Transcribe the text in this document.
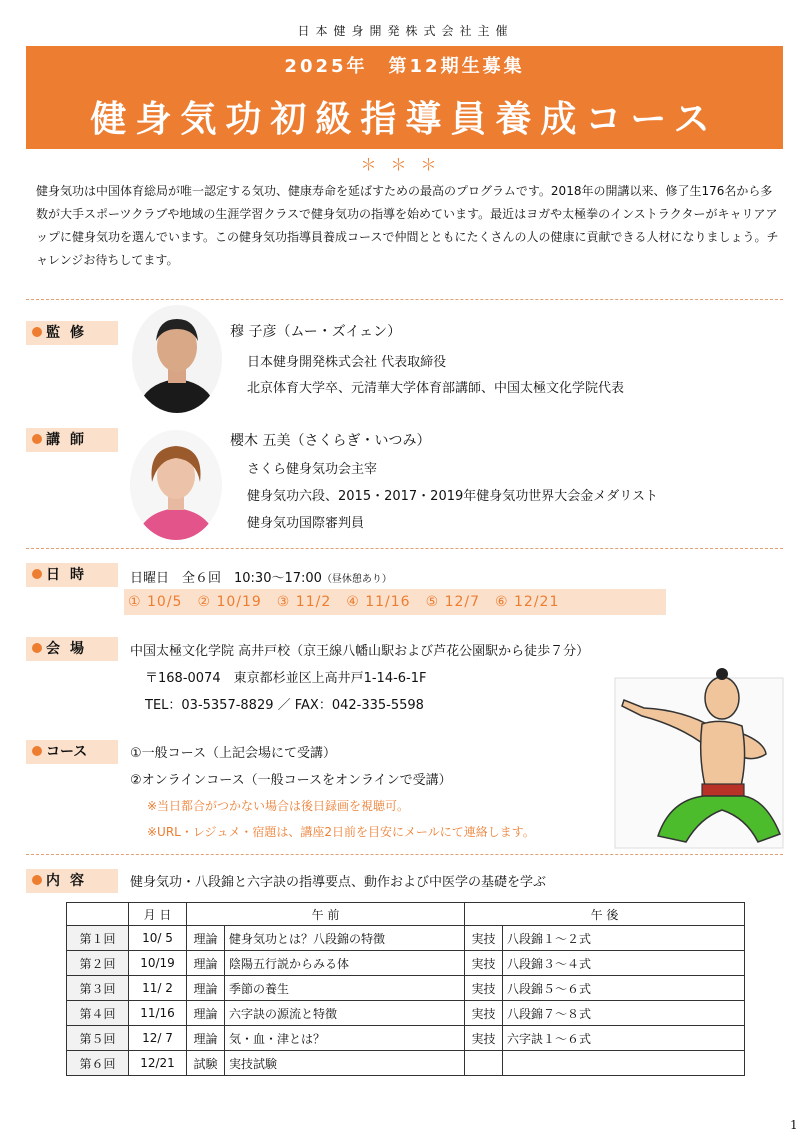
日本健身開発株式会社主催
2025年　第12期生募集
健身気功初級指導員養成コース
＊＊＊
健身気功は中国体育総局が唯一認定する気功、健康寿命を延ばすための最高のプログラムです。2018年の開講以来、修了生176名から多数が大手スポーツクラブや地域の生涯学習クラスで健身気功の指導を始めています。最近はヨガや太極拳のインストラクターがキャリアアップに健身気功を選んでいます。この健身気功指導員養成コースで仲間とともにたくさんの人の健康に貢献できる人材になりましょう。チャレンジお待ちしてます。
監修	穆 子彦（ムー・ズイェン）
日本健身開発株式会社 代表取締役
北京体育大学卒、元清華大学体育部講師、中国太極文化学院代表
講師	櫻木 五美（さくらぎ・いつみ）
さくら健身気功会主宰
健身気功六段、2015・2017・2019年健身気功世界大会金メダリスト
健身気功国際審判員
日時	日曜日　全６回　10:30〜17:00（昼休憩あり）
① 10/5　② 10/19　③ 11/2　④ 11/16　⑤ 12/7　⑥ 12/21
会場	中国太極文化学院 高井戸校（京王線八幡山駅および芦花公園駅から徒歩７分）
〒168-0074　東京都杉並区上高井戸1-14-6-1F
TEL：03-5357-8829 ／ FAX：042-335-5598
コース	①一般コース（上記会場にて受講）
②オンラインコース（一般コースをオンラインで受講）
※当日都合がつかない場合は後日録画を視聴可。
※URL・レジュメ・宿題は、講座2日前を目安にメールにて連絡します。
内容	健身気功・八段錦と六字訣の指導要点、動作および中医学の基礎を学ぶ
	月 日	午 前		午 後	
第１回	10/ 5	理論	健身気功とは？八段錦の特徴	実技	八段錦１〜２式
第２回	10/19	理論	陰陽五行説からみる体	実技	八段錦３〜４式
第３回	11/ 2	理論	季節の養生	実技	八段錦５〜６式
第４回	11/16	理論	六字訣の源流と特徴	実技	八段錦７〜８式
第５回	12/ 7	理論	気・血・津とは？	実技	六字訣１〜６式
第６回	12/21	試験	実技試験		
1
